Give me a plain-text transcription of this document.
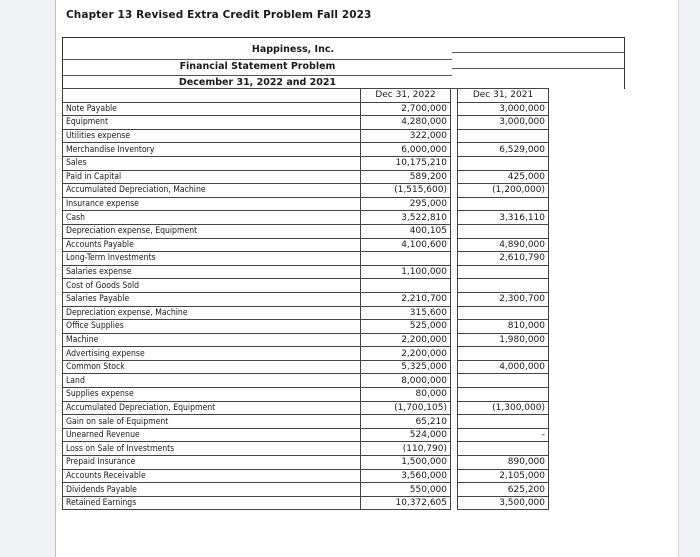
Chapter 13 Revised Extra Credit Problem Fall 2023
Happiness, Inc.
Financial Statement Problem
December 31, 2022 and 2021
	Dec 31, 2022		Dec 31, 2021
Note Payable	2,700,000		3,000,000
Equipment	4,280,000		3,000,000
Utilities expense	322,000		
Merchandise Inventory	6,000,000		6,529,000
Sales	10,175,210		
Paid in Capital	589,200		425,000
Accumulated Depreciation, Machine	(1,515,600)		(1,200,000)
Insurance expense	295,000		
Cash	3,522,810		3,316,110
Depreciation expense, Equipment	400,105		
Accounts Payable	4,100,600		4,890,000
Long-Term Investments			2,610,790
Salaries expense	1,100,000		
Cost of Goods Sold			
Salaries Payable	2,210,700		2,300,700
Depreciation expense, Machine	315,600		
Office Supplies	525,000		810,000
Machine	2,200,000		1,980,000
Advertising expense	2,200,000		
Common Stock	5,325,000		4,000,000
Land	8,000,000		
Supplies expense	80,000		
Accumulated Depreciation, Equipment	(1,700,105)		(1,300,000)
Gain on sale of Equipment	65,210		
Unearned Revenue	524,000		-
Loss on Sale of Investments	(110,790)		
Prepaid Insurance	1,500,000		890,000
Accounts Receivable	3,560,000		2,105,000
Dividends Payable	550,000		625,200
Retained Earnings	10,372,605		3,500,000
